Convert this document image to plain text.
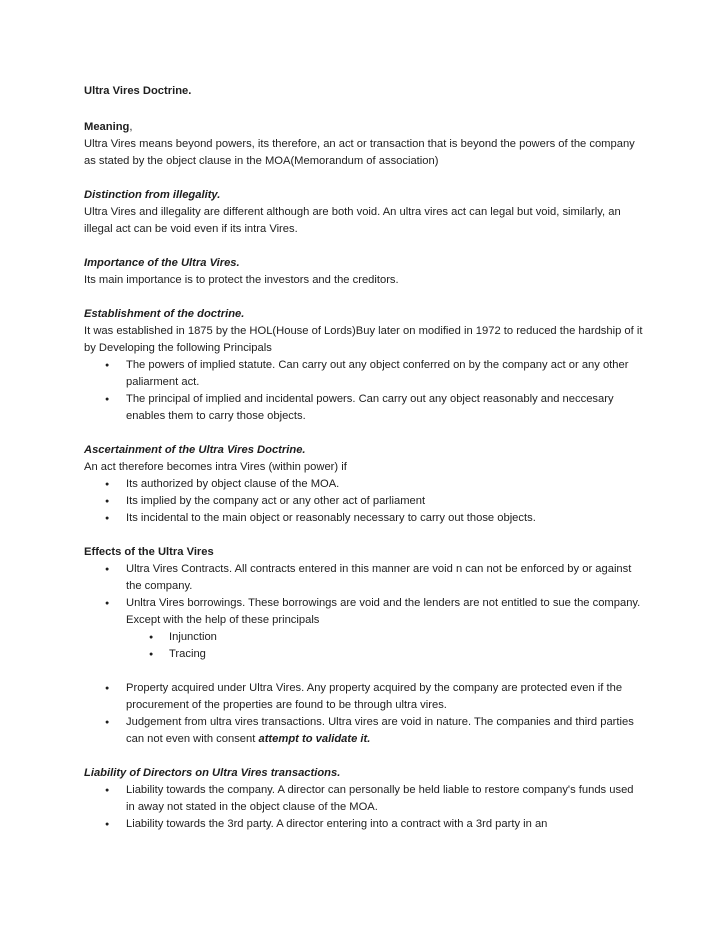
Ultra Vires Doctrine.

Meaning,

Ultra Vires means beyond powers, its therefore, an act or transaction that is beyond the powers of the company as stated by the object clause in the MOA(Memorandum of association)

Distinction from illegality.

Ultra Vires and illegality are different although are both void. An ultra vires act can legal but void, similarly, an illegal act can be void even if its intra Vires.

Importance of the Ultra Vires.

Its main importance is to protect the investors and the creditors.

Establishment of the doctrine.

It was established in 1875 by the HOL(House of Lords)Buy later on modified in 1972 to reduced the hardship of it by Developing the following Principals

● The powers of implied statute. Can carry out any object conferred on by the company act or any other paliarment act.
● The principal of implied and incidental powers. Can carry out any object reasonably and neccesary enables them to carry those objects.
Ascertainment of the Ultra Vires Doctrine.

An act therefore becomes intra Vires (within power) if

● Its authorized by object clause of the MOA.
● Its implied by the company act or any other act of parliament
● Its incidental to the main object or reasonably necessary to carry out those objects.
Effects of the Ultra Vires
● Ultra Vires Contracts. All contracts entered in this manner are void n can not be enforced by or against the company.
● Unltra Vires borrowings. These borrowings are void and the lenders are not entitled to sue the company. Except with the help of these principals
● Injunction
● Tracing
● Property acquired under Ultra Vires. Any property acquired by the company are protected even if the procurement of the properties are found to be through ultra vires.
● Judgement from ultra vires transactions. Ultra vires are void in nature. The companies and third parties can not even with consent attempt to validate it.
Liability of Directors on Ultra Vires transactions.
● Liability towards the company. A director can personally be held liable to restore company's funds used in away not stated in the object clause of the MOA.
● Liability towards the 3rd party. A director entering into a contract with a 3rd party in an
